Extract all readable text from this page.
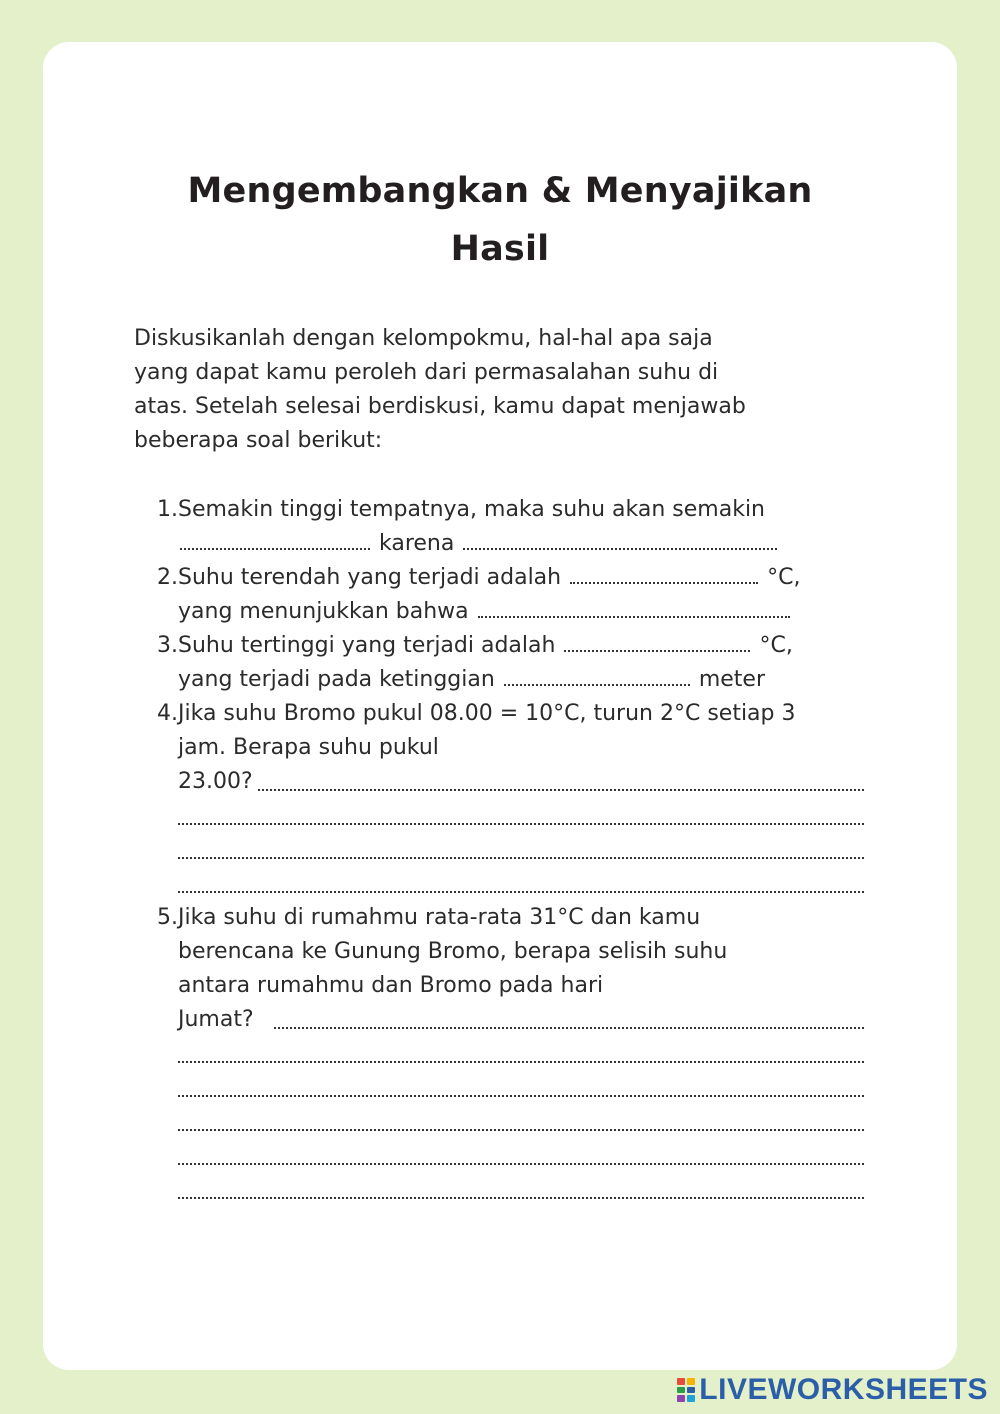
Mengembangkan & Menyajikan
Hasil
Diskusikanlah dengan kelompokmu, hal-hal apa saja
yang dapat kamu peroleh dari permasalahan suhu di
atas. Setelah selesai berdiskusi, kamu dapat menjawab
beberapa soal berikut:
1. Semakin tinggi tempatnya, maka suhu akan semakin
karena
2. Suhu terendah yang terjadi adalah	°C,
yang menunjukkan bahwa
3. Suhu tertinggi yang terjadi adalah	°C,
yang terjadi pada ketinggian	meter
4. Jika suhu Bromo pukul 08.00 = 10°C, turun 2°C setiap 3
jam. Berapa suhu pukul
23.00?
5. Jika suhu di rumahmu rata-rata 31°C dan kamu
berencana ke Gunung Bromo, berapa selisih suhu
antara rumahmu dan Bromo pada hari
Jumat?
LIVEWORKSHEETS
